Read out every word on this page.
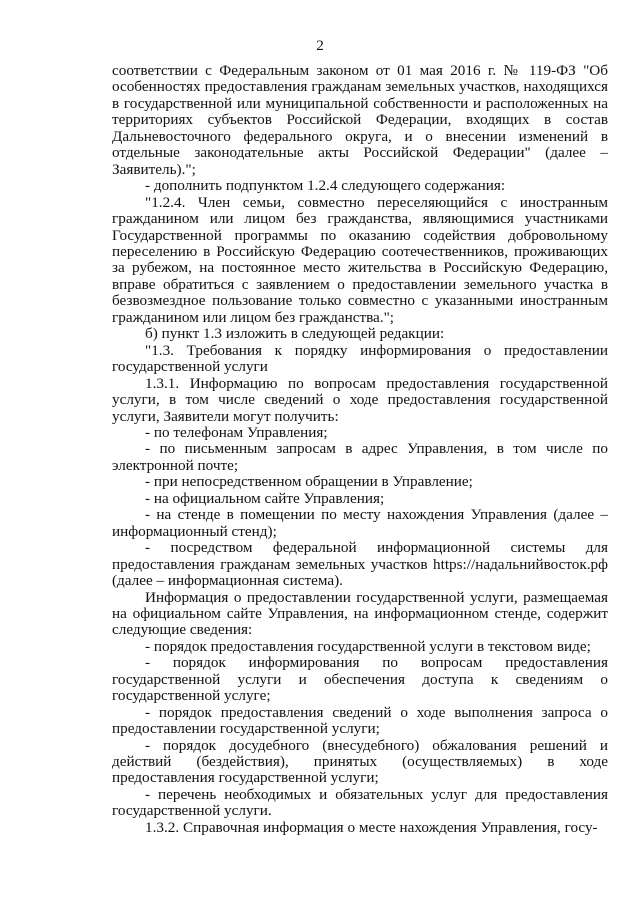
2

соответствии с Федеральным законом от 01 мая 2016 г. № 119-ФЗ "Об особенностях предоставления гражданам земельных участков, находящихся в государственной или муниципальной собственности и расположенных на территориях субъектов Российской Федерации, входящих в состав Дальневосточного федерального округа, и о внесении изменений в отдельные законодательные акты Российской Федерации" (далее – Заявитель).";

- дополнить подпунктом 1.2.4 следующего содержания:

"1.2.4. Член семьи, совместно переселяющийся с иностранным гражданином или лицом без гражданства, являющимися участниками Государственной программы по оказанию содействия добровольному переселению в Российскую Федерацию соотечественников, проживающих за рубежом, на постоянное место жительства в Российскую Федерацию, вправе обратиться с заявлением о предоставлении земельного участка в безвозмездное пользование только совместно с указанными иностранным гражданином или лицом без гражданства.";

б) пункт 1.3 изложить в следующей редакции:

"1.3. Требования к порядку информирования о предоставлении государственной услуги

1.3.1. Информацию по вопросам предоставления государственной услуги, в том числе сведений о ходе предоставления государственной услуги, Заявители могут получить:

- по телефонам Управления;

- по письменным запросам в адрес Управления, в том числе по электронной почте;

- при непосредственном обращении в Управление;

- на официальном сайте Управления;

- на стенде в помещении по месту нахождения Управления (далее – информационный стенд);

- посредством федеральной информационной системы для предоставления гражданам земельных участков https://надальнийвосток.рф (далее – информационная система).

Информация о предоставлении государственной услуги, размещаемая на официальном сайте Управления, на информационном стенде, содержит следующие сведения:

- порядок предоставления государственной услуги в текстовом виде;

- порядок информирования по вопросам предоставления государственной услуги и обеспечения доступа к сведениям о государственной услуге;

- порядок предоставления сведений о ходе выполнения запроса о предоставлении государственной услуги;

- порядок досудебного (внесудебного) обжалования решений и действий (бездействия), принятых (осуществляемых) в ходе предоставления государственной услуги;

- перечень необходимых и обязательных услуг для предоставления государственной услуги.

1.3.2. Справочная информация о месте нахождения Управления, госу-
